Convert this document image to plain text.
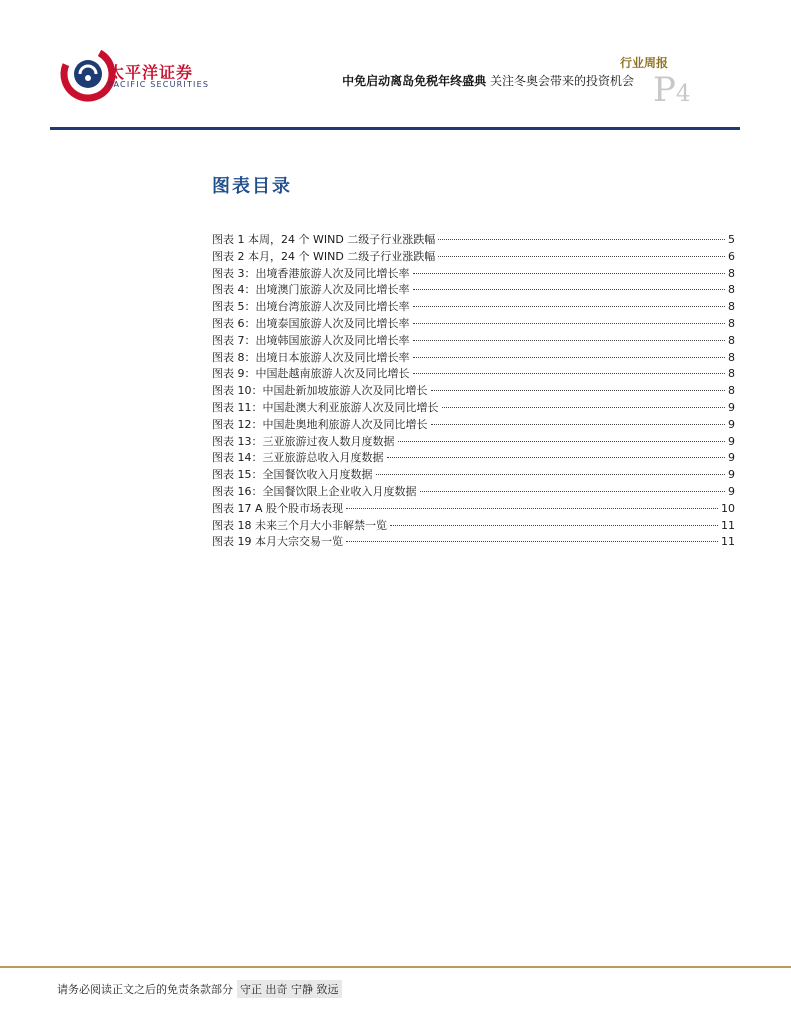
太平洋证券
PACIFIC SECURITIES
行业周报
中免启动离岛免税年终盛典 关注冬奥会带来的投资机会 P4
图表目录
图表 1 本周，24 个 WIND 二级子行业涨跌幅	5
图表 2 本月，24 个 WIND 二级子行业涨跌幅	6
图表 3：出境香港旅游人次及同比增长率	8
图表 4：出境澳门旅游人次及同比增长率	8
图表 5：出境台湾旅游人次及同比增长率	8
图表 6：出境泰国旅游人次及同比增长率	8
图表 7：出境韩国旅游人次及同比增长率	8
图表 8：出境日本旅游人次及同比增长率	8
图表 9：中国赴越南旅游人次及同比增长	8
图表 10：中国赴新加坡旅游人次及同比增长	8
图表 11：中国赴澳大利亚旅游人次及同比增长	9
图表 12：中国赴奥地利旅游人次及同比增长	9
图表 13：三亚旅游过夜人数月度数据	9
图表 14：三亚旅游总收入月度数据	9
图表 15：全国餐饮收入月度数据	9
图表 16：全国餐饮限上企业收入月度数据	9
图表 17 A 股个股市场表现	10
图表 18 未来三个月大小非解禁一览	11
图表 19 本月大宗交易一览	11
请务必阅读正文之后的免责条款部分 守正 出奇 宁静 致远
